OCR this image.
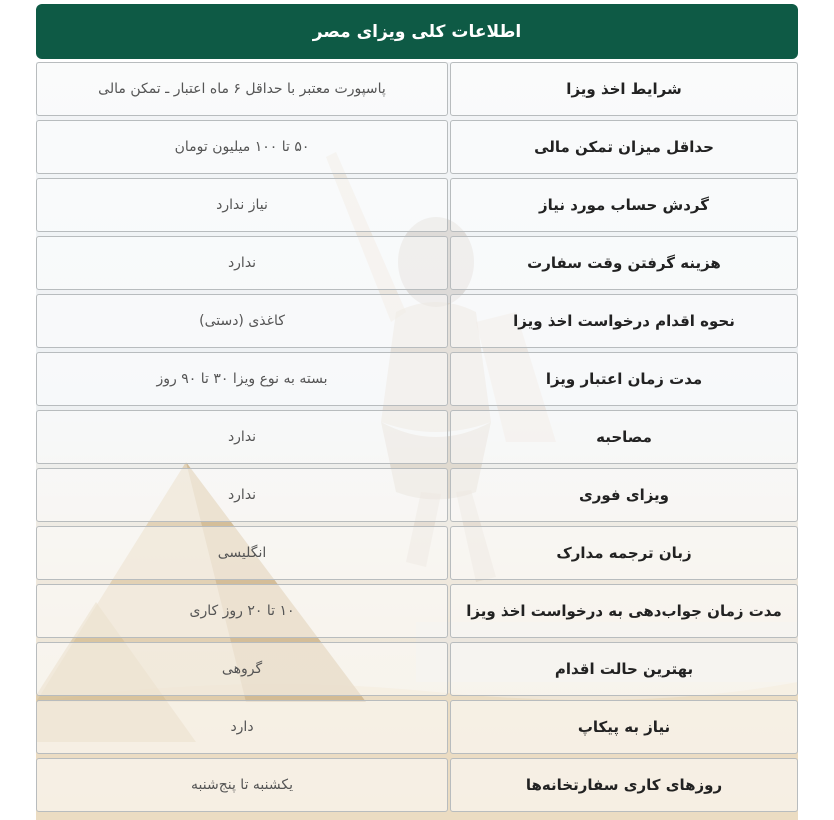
اطلاعات کلی ویزای مصر
شرایط اخذ ویزا
پاسپورت معتبر با حداقل ۶ ماه اعتبار ـ تمکن مالی
حداقل میزان تمکن مالی
۵۰ تا ۱۰۰ میلیون تومان
گردش حساب مورد نیاز
نیاز ندارد
هزینه گرفتن وقت سفارت
ندارد
نحوه اقدام درخواست اخذ ویزا
کاغذی (دستی)
مدت زمان اعتبار ویزا
بسته به نوع ویزا ۳۰ تا ۹۰ روز
مصاحبه
ندارد
ویزای فوری
ندارد
زبان ترجمه مدارک
انگلیسی
مدت زمان جواب‌دهی به درخواست اخذ ویزا
۱۰ تا ۲۰ روز کاری
بهترین حالت اقدام
گروهی
نیاز به پیکاپ
دارد
روزهای کاری سفارتخانه‌ها
یکشنبه تا پنج‌شنبه
